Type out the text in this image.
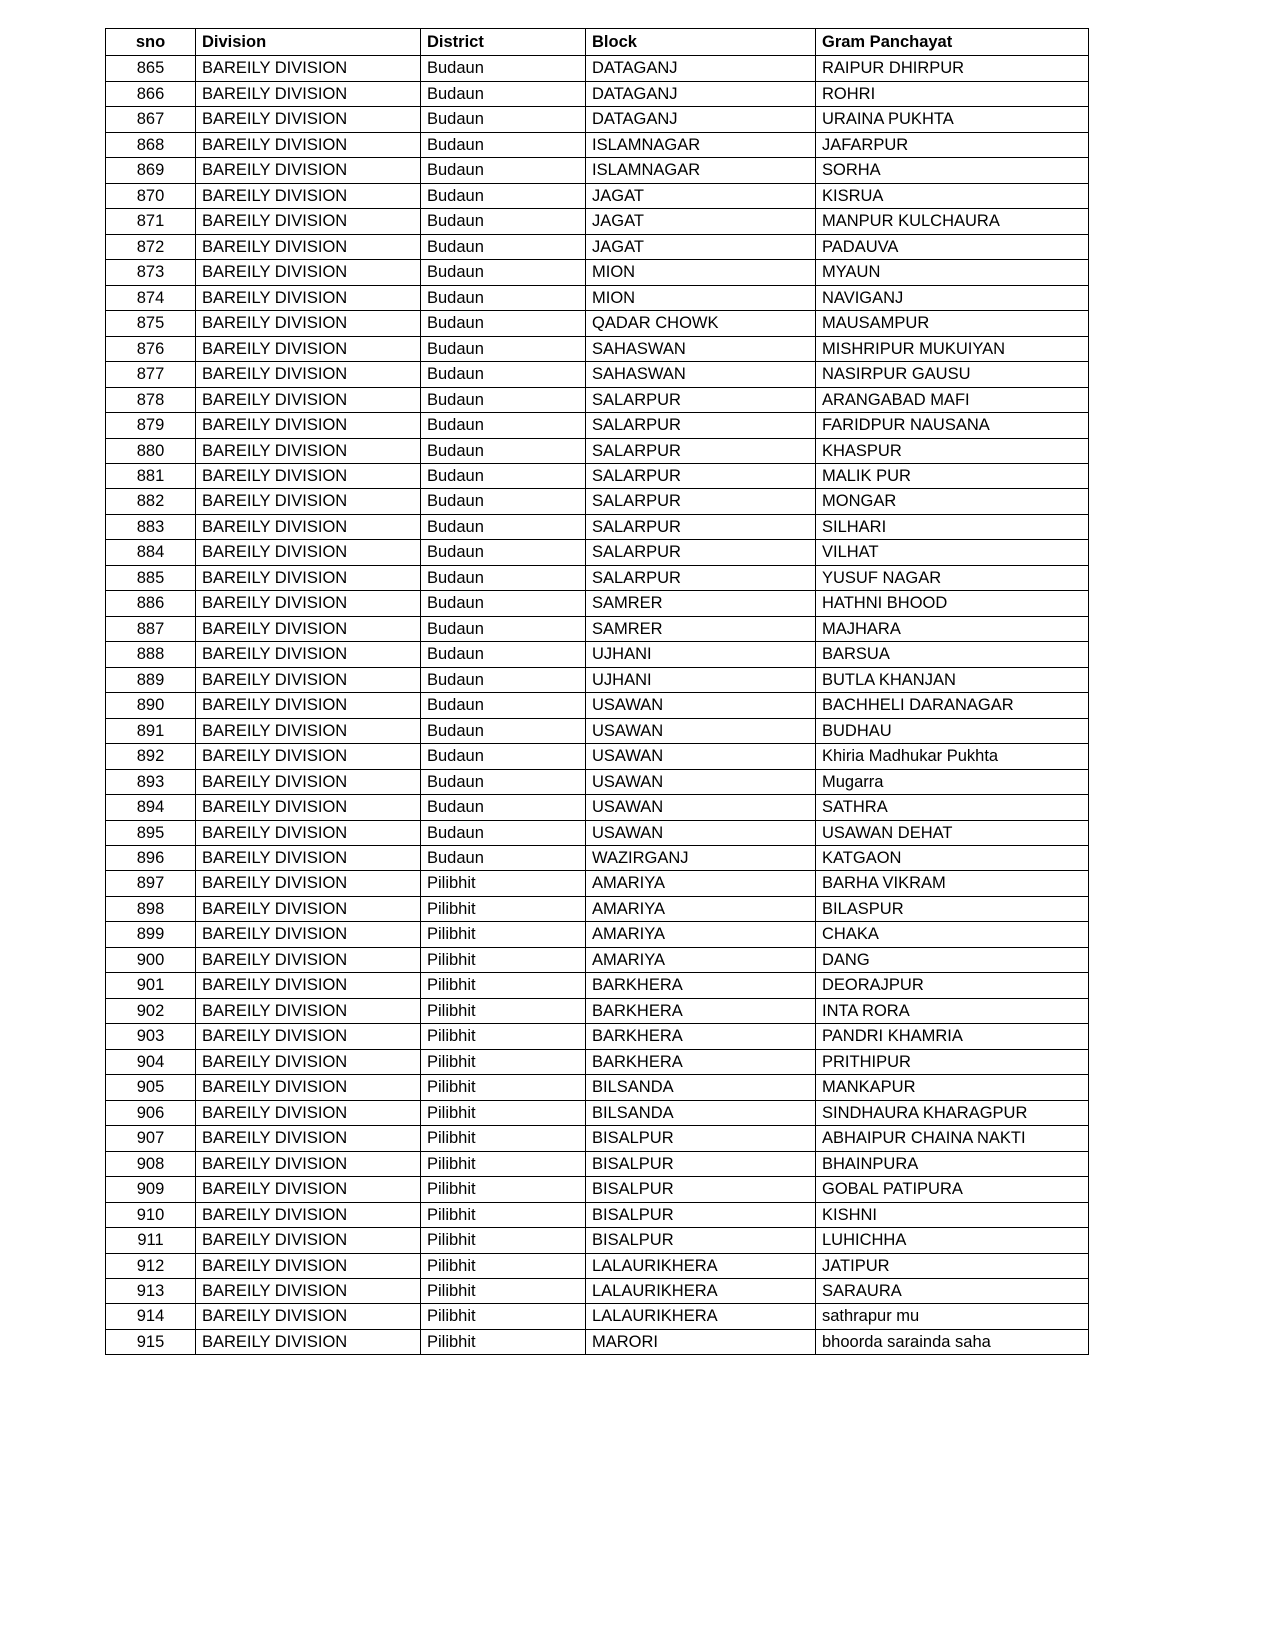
sno	Division	District	Block	Gram Panchayat
865	BAREILY DIVISION	Budaun	DATAGANJ	RAIPUR DHIRPUR
866	BAREILY DIVISION	Budaun	DATAGANJ	ROHRI
867	BAREILY DIVISION	Budaun	DATAGANJ	URAINA PUKHTA
868	BAREILY DIVISION	Budaun	ISLAMNAGAR	JAFARPUR
869	BAREILY DIVISION	Budaun	ISLAMNAGAR	SORHA
870	BAREILY DIVISION	Budaun	JAGAT	KISRUA
871	BAREILY DIVISION	Budaun	JAGAT	MANPUR KULCHAURA
872	BAREILY DIVISION	Budaun	JAGAT	PADAUVA
873	BAREILY DIVISION	Budaun	MION	MYAUN
874	BAREILY DIVISION	Budaun	MION	NAVIGANJ
875	BAREILY DIVISION	Budaun	QADAR CHOWK	MAUSAMPUR
876	BAREILY DIVISION	Budaun	SAHASWAN	MISHRIPUR MUKUIYAN
877	BAREILY DIVISION	Budaun	SAHASWAN	NASIRPUR GAUSU
878	BAREILY DIVISION	Budaun	SALARPUR	ARANGABAD MAFI
879	BAREILY DIVISION	Budaun	SALARPUR	FARIDPUR NAUSANA
880	BAREILY DIVISION	Budaun	SALARPUR	KHASPUR
881	BAREILY DIVISION	Budaun	SALARPUR	MALIK PUR
882	BAREILY DIVISION	Budaun	SALARPUR	MONGAR
883	BAREILY DIVISION	Budaun	SALARPUR	SILHARI
884	BAREILY DIVISION	Budaun	SALARPUR	VILHAT
885	BAREILY DIVISION	Budaun	SALARPUR	YUSUF NAGAR
886	BAREILY DIVISION	Budaun	SAMRER	HATHNI BHOOD
887	BAREILY DIVISION	Budaun	SAMRER	MAJHARA
888	BAREILY DIVISION	Budaun	UJHANI	BARSUA
889	BAREILY DIVISION	Budaun	UJHANI	BUTLA KHANJAN
890	BAREILY DIVISION	Budaun	USAWAN	BACHHELI DARANAGAR
891	BAREILY DIVISION	Budaun	USAWAN	BUDHAU
892	BAREILY DIVISION	Budaun	USAWAN	Khiria Madhukar Pukhta
893	BAREILY DIVISION	Budaun	USAWAN	Mugarra
894	BAREILY DIVISION	Budaun	USAWAN	SATHRA
895	BAREILY DIVISION	Budaun	USAWAN	USAWAN DEHAT
896	BAREILY DIVISION	Budaun	WAZIRGANJ	KATGAON
897	BAREILY DIVISION	Pilibhit	AMARIYA	BARHA VIKRAM
898	BAREILY DIVISION	Pilibhit	AMARIYA	BILASPUR
899	BAREILY DIVISION	Pilibhit	AMARIYA	CHAKA
900	BAREILY DIVISION	Pilibhit	AMARIYA	DANG
901	BAREILY DIVISION	Pilibhit	BARKHERA	DEORAJPUR
902	BAREILY DIVISION	Pilibhit	BARKHERA	INTA RORA
903	BAREILY DIVISION	Pilibhit	BARKHERA	PANDRI KHAMRIA
904	BAREILY DIVISION	Pilibhit	BARKHERA	PRITHIPUR
905	BAREILY DIVISION	Pilibhit	BILSANDA	MANKAPUR
906	BAREILY DIVISION	Pilibhit	BILSANDA	SINDHAURA KHARAGPUR
907	BAREILY DIVISION	Pilibhit	BISALPUR	ABHAIPUR CHAINA NAKTI
908	BAREILY DIVISION	Pilibhit	BISALPUR	BHAINPURA
909	BAREILY DIVISION	Pilibhit	BISALPUR	GOBAL PATIPURA
910	BAREILY DIVISION	Pilibhit	BISALPUR	KISHNI
911	BAREILY DIVISION	Pilibhit	BISALPUR	LUHICHHA
912	BAREILY DIVISION	Pilibhit	LALAURIKHERA	JATIPUR
913	BAREILY DIVISION	Pilibhit	LALAURIKHERA	SARAURA
914	BAREILY DIVISION	Pilibhit	LALAURIKHERA	sathrapur mu
915	BAREILY DIVISION	Pilibhit	MARORI	bhoorda sarainda saha
